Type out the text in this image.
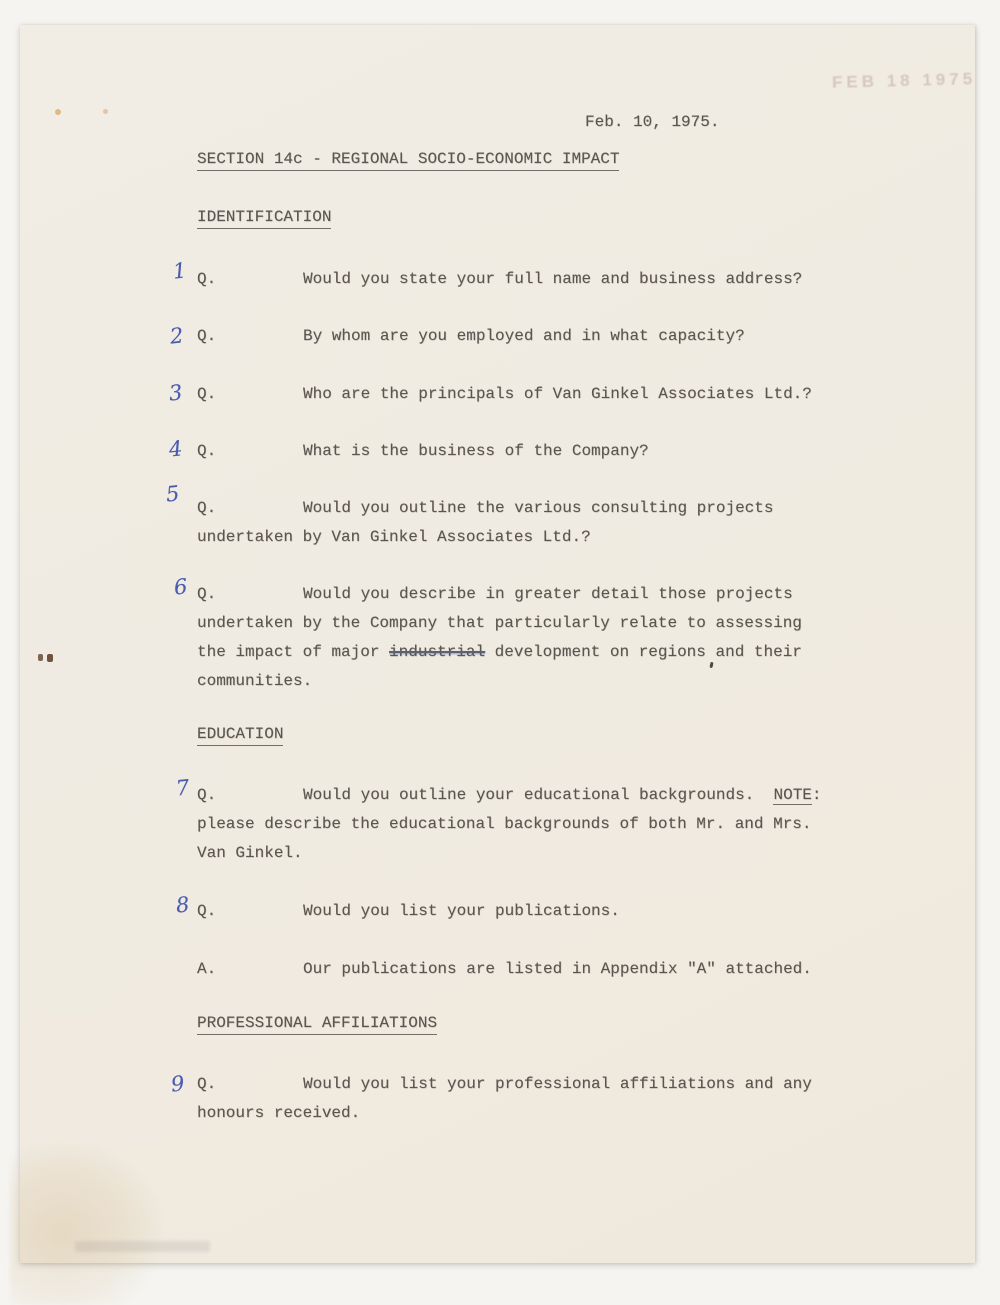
FEB 18 1975
Feb. 10, 1975.
SECTION 14c - REGIONAL SOCIO-ECONOMIC IMPACT
IDENTIFICATION
1 Q.	Would you state your full name and business address?
2 Q.	By whom are you employed and in what capacity?
3 Q.	Who are the principals of Van Ginkel Associates Ltd.?
4 Q.	What is the business of the Company?
5
Q.	Would you outline the various consulting projects
undertaken by Van Ginkel Associates Ltd.?
6 Q.	Would you describe in greater detail those projects
undertaken by the Company that particularly relate to assessing
the impact of major industrial development on regions and their
communities.
EDUCATION
7 Q.	Would you outline your educational backgrounds.  NOTE:
please describe the educational backgrounds of both Mr. and Mrs.
Van Ginkel.
8 Q.	Would you list your publications.
A.	Our publications are listed in Appendix "A" attached.
PROFESSIONAL AFFILIATIONS
9 Q.	Would you list your professional affiliations and any
honours received.
